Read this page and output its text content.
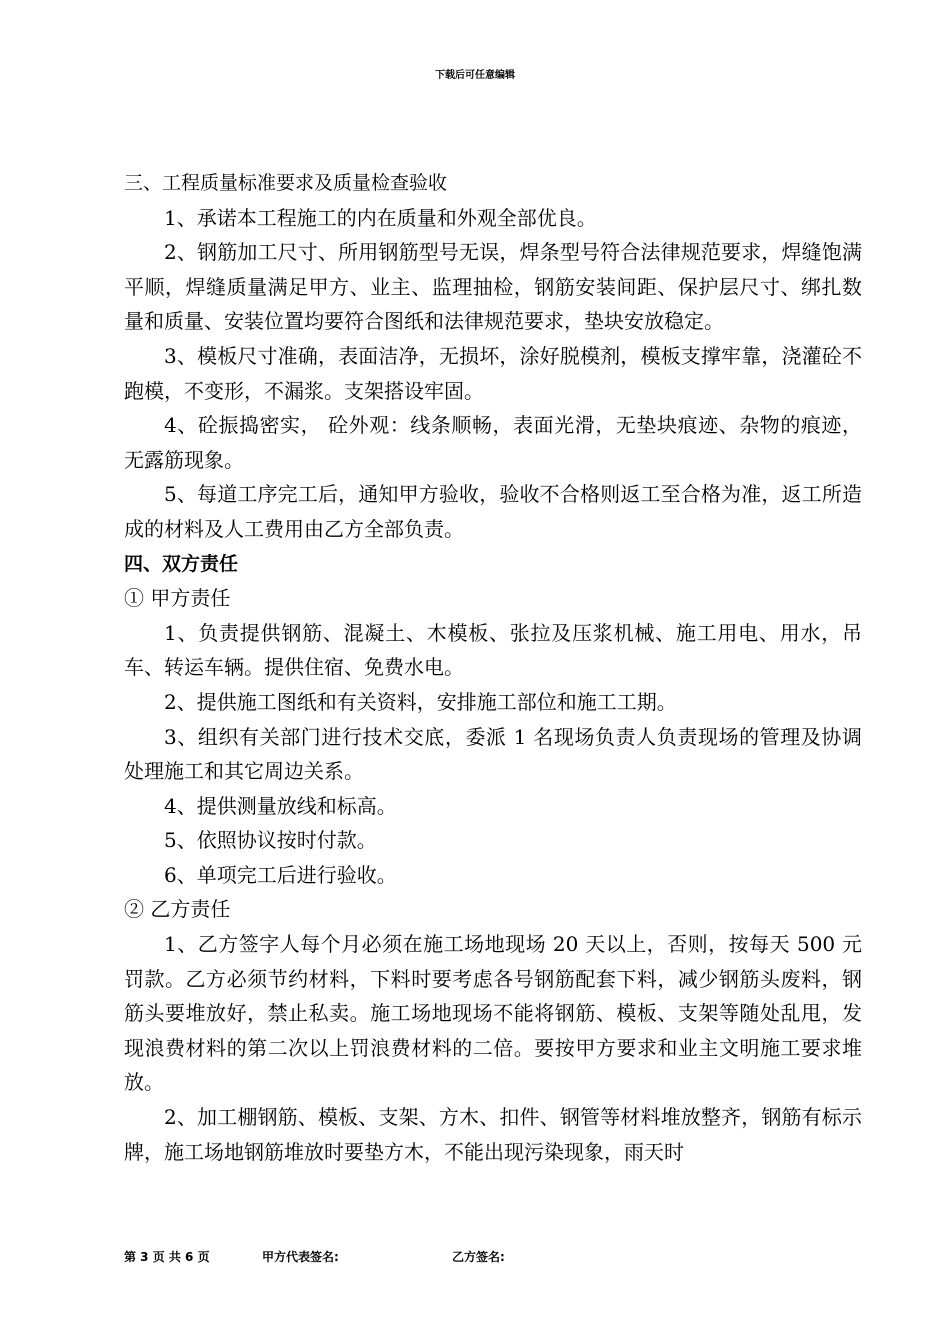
下载后可任意编辑

三、工程质量标准要求及质量检查验收

1、承诺本工程施工的内在质量和外观全部优良。

2、钢筋加工尺寸、所用钢筋型号无误，焊条型号符合法律规范要求，焊缝饱满平顺，焊缝质量满足甲方、业主、监理抽检，钢筋安装间距、保护层尺寸、绑扎数量和质量、安装位置均要符合图纸和法律规范要求，垫块安放稳定。

3、模板尺寸准确，表面洁净，无损坏，涂好脱模剂，模板支撑牢靠，浇灌砼不跑模，不变形，不漏浆。支架搭设牢固。

4、砼振捣密实， 砼外观：线条顺畅，表面光滑，无垫块痕迹、杂物的痕迹，无露筋现象。

5、每道工序完工后，通知甲方验收，验收不合格则返工至合格为准，返工所造成的材料及人工费用由乙方全部负责。

四、双方责任

① 甲方责任

1、负责提供钢筋、混凝土、木模板、张拉及压浆机械、施工用电、用水，吊车、转运车辆。提供住宿、免费水电。

2、提供施工图纸和有关资料，安排施工部位和施工工期。

3、组织有关部门进行技术交底，委派 1 名现场负责人负责现场的管理及协调处理施工和其它周边关系。

4、提供测量放线和标高。

5、依照协议按时付款。

6、单项完工后进行验收。

② 乙方责任

1、乙方签字人每个月必须在施工场地现场 20 天以上，否则，按每天 500 元罚款。乙方必须节约材料，下料时要考虑各号钢筋配套下料，减少钢筋头废料，钢筋头要堆放好，禁止私卖。施工场地现场不能将钢筋、模板、支架等随处乱甩，发现浪费材料的第二次以上罚浪费材料的二倍。要按甲方要求和业主文明施工要求堆放。

2、加工棚钢筋、模板、支架、方木、扣件、钢管等材料堆放整齐，钢筋有标示牌，施工场地钢筋堆放时要垫方木，不能出现污染现象，雨天时

第 3 页 共 6 页	甲方代表签名:	乙方签名:
